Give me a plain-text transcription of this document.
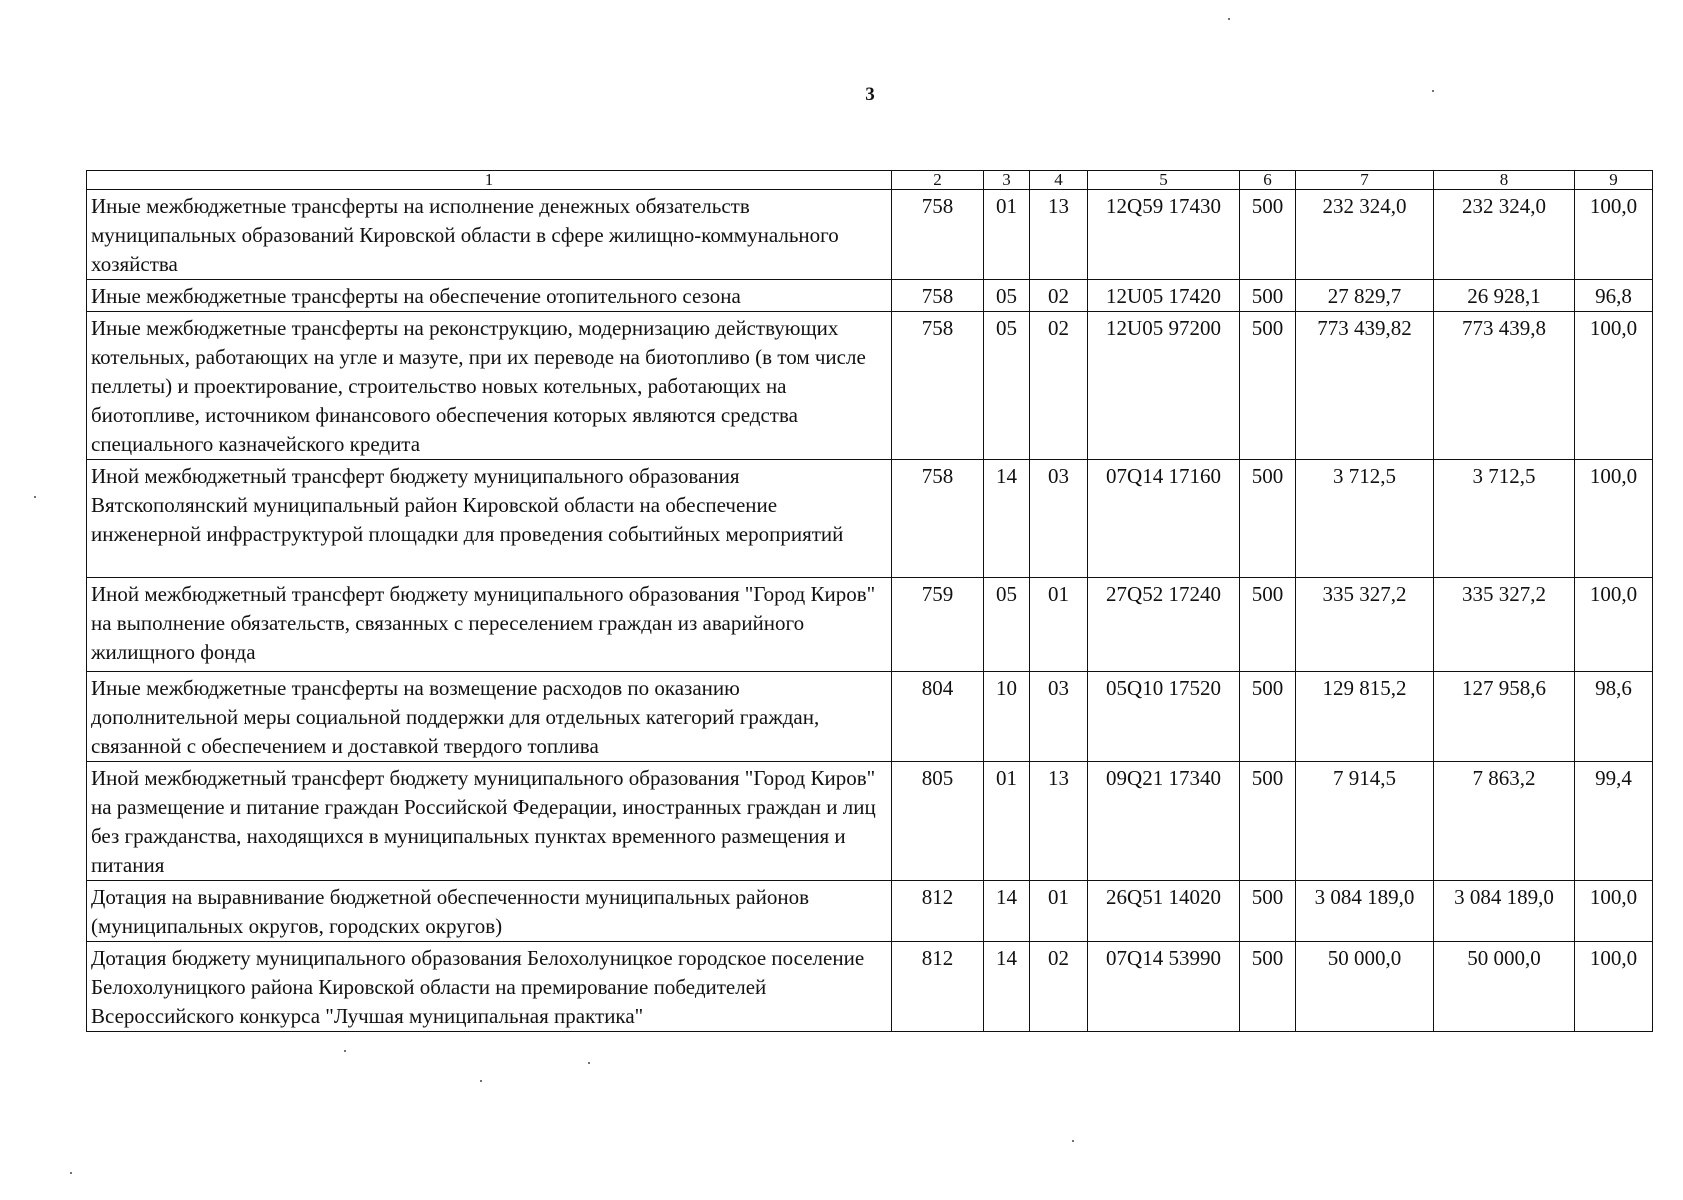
3
1	2	3	4	5	6	7	8	9
Иные межбюджетные трансферты на исполнение денежных обязательств муниципальных образований Кировской области в сфере жилищно-коммунального хозяйства	758	01	13	12Q59 17430	500	232 324,0	232 324,0	100,0
Иные межбюджетные трансферты на обеспечение отопительного сезона	758	05	02	12U05 17420	500	27 829,7	26 928,1	96,8
Иные межбюджетные трансферты на реконструкцию, модернизацию действующих котельных, работающих на угле и мазуте, при их переводе на биотопливо (в том числе пеллеты) и проектирование, строительство новых котельных, работающих на биотопливе, источником финансового обеспечения которых являются средства специального казначейского кредита	758	05	02	12U05 97200	500	773 439,82	773 439,8	100,0
Иной межбюджетный трансферт бюджету муниципального образования Вятскополянский муниципальный район Кировской области на обеспечение инженерной инфраструктурой площадки для проведения событийных мероприятий	758	14	03	07Q14 17160	500	3 712,5	3 712,5	100,0
Иной межбюджетный трансферт бюджету муниципального образования "Город Киров" на выполнение обязательств, связанных с переселением граждан из аварийного жилищного фонда	759	05	01	27Q52 17240	500	335 327,2	335 327,2	100,0
Иные межбюджетные трансферты на возмещение расходов по оказанию дополнительной меры социальной поддержки для отдельных категорий граждан, связанной с обеспечением и доставкой твердого топлива	804	10	03	05Q10 17520	500	129 815,2	127 958,6	98,6
Иной межбюджетный трансферт бюджету муниципального образования "Город Киров" на размещение и питание граждан Российской Федерации, иностранных граждан и лиц без гражданства, находящихся в муниципальных пунктах временного размещения и питания	805	01	13	09Q21 17340	500	7 914,5	7 863,2	99,4
Дотация на выравнивание бюджетной обеспеченности муниципальных районов (муниципальных округов, городских округов)	812	14	01	26Q51 14020	500	3 084 189,0	3 084 189,0	100,0
Дотация бюджету муниципального образования Белохолуницкое городское поселение Белохолуницкого района Кировской области на премирование победителей Всероссийского конкурса "Лучшая муниципальная практика"	812	14	02	07Q14 53990	500	50 000,0	50 000,0	100,0
